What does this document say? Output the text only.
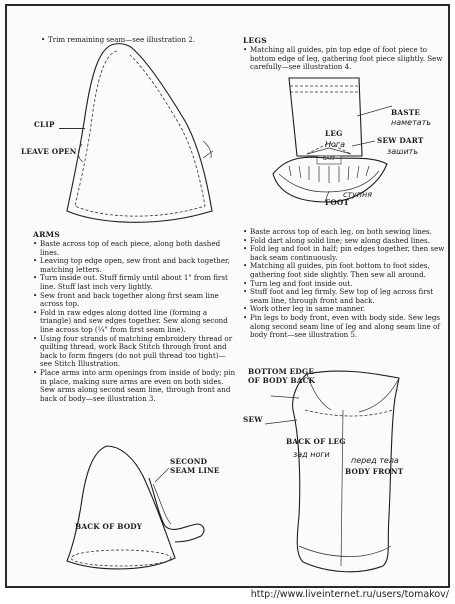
• Trim remaining seam—see illustration 2.
CLIP
LEAVE OPEN
LEGS
• Matching all guides, pin top edge of foot piece to bottom edge of leg, gathering foot piece slightly. Sew carefully—see illustration 4.
BASTE
наметать
LEG
Нога	SEW DART
зашить
DART
ступня
FOOT
• Baste across top of each leg, on both sewing lines.
• Fold dart along solid line; sew along dashed lines.
• Fold leg and foot in half; pin edges together, then sew back seam continuously.
• Matching all guides, pin foot bottom to foot sides, gathering foot side slightly. Then sew all around.
• Turn leg and foot inside out.
• Stuff foot and leg firmly. Sew top of leg across first seam line, through front and back.
• Work other leg in same manner.
• Pin legs to body front, even with body side. Sew legs along second seam line of leg and along seam line of body front—see illustration 5.
ARMS
• Baste across top of each piece, along both dashed lines.
• Leaving top edge open, sew front and back together, matching letters.
• Turn inside out. Stuff firmly until about 1" from first line. Stuff last inch very lightly.
• Sew front and back together along first seam line across top.
• Fold in raw edges along dotted line (forming a triangle) and sew edges together. Sew along second line across top (¼" from first seam line).
• Using four strands of matching embroidery thread or quilting thread, work Back Stitch through front and back to form fingers (do not pull thread too tight)—see Stitch Illustration.
• Place arms into arm openings from inside of body; pin in place, making sure arms are even on both sides. Sew arms along second seam line, through front and back of body—see illustration 3.
SECOND SEAM LINE
BACK OF BODY
BOTTOM EDGE OF BODY BACK
SEW
BACK OF LEG
зад ноги
перед тела
BODY FRONT
http://www.liveinternet.ru/users/tomakov/
